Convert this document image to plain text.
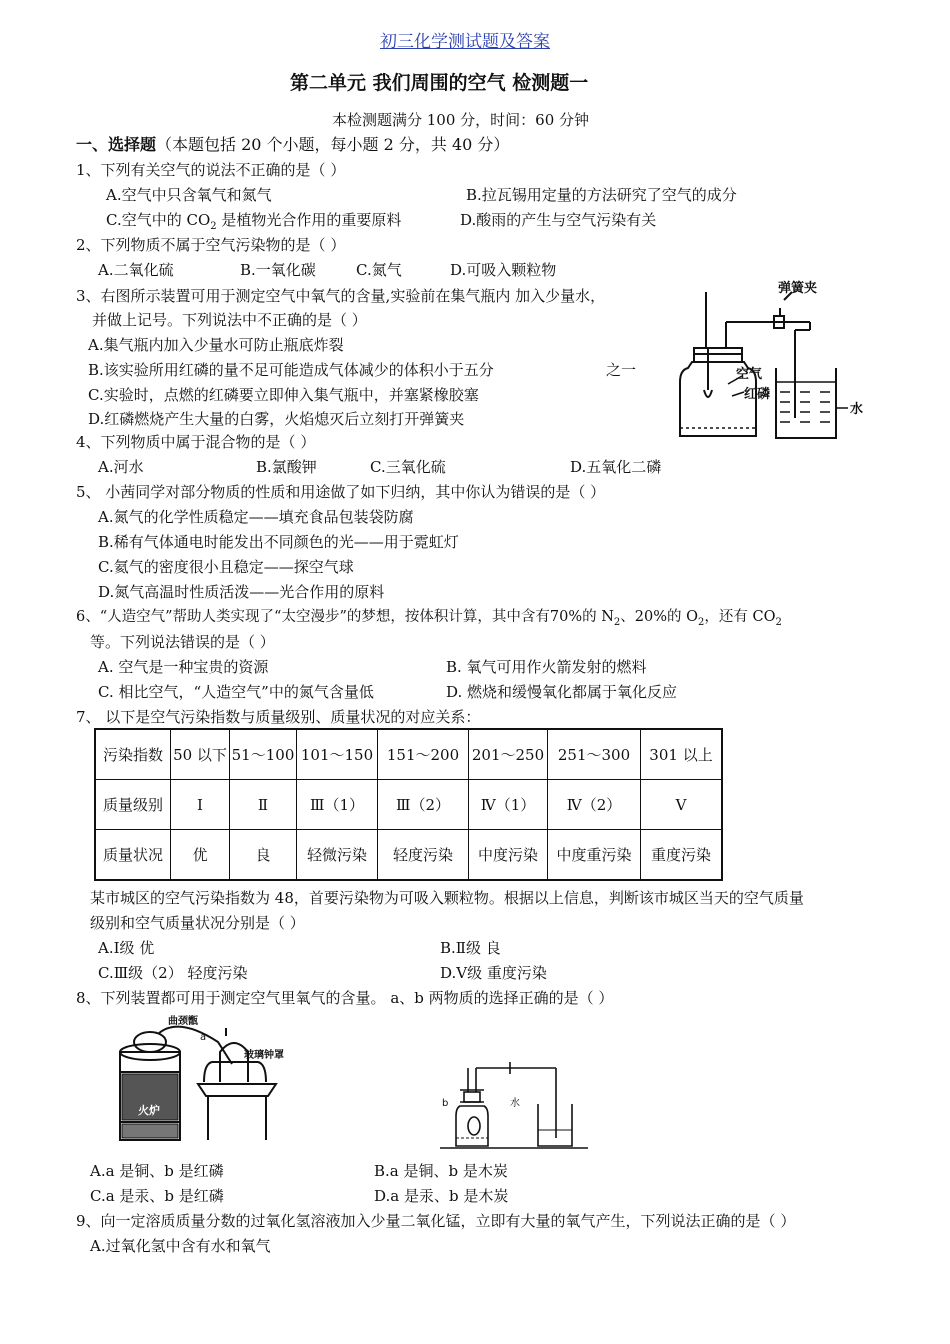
初三化学测试题及答案
第二单元 我们周围的空气 检测题一
本检测题满分 100 分，时间：60 分钟
一、选择题（本题包括 20 个小题，每小题 2 分，共 40 分）
1、下列有关空气的说法不正确的是（ ）
A.空气中只含氧气和氮气	B.拉瓦锡用定量的方法研究了空气的成分
C.空气中的 $CO_2$ 是植物光合作用的重要原料	D.酸雨的产生与空气污染有关
2、下列物质不属于空气污染物的是（ ）
A.二氧化硫	B.一氧化碳	C.氮气	D.可吸入颗粒物
3、右图所示装置可用于测定空气中氧气的含量,实验前在集气瓶内 加入少量水，
并做上记号。下列说法中不正确的是（ ）
A.集气瓶内加入少量水可防止瓶底炸裂
B.该实验所用红磷的量不足可能造成气体减少的体积小于五分	之一
C.实验时，点燃的红磷要立即伸入集气瓶中，并塞紧橡胶塞
D.红磷燃烧产生大量的白雾，火焰熄灭后立刻打开弹簧夹
弹簧夹
空气
红磷
水
4、下列物质中属于混合物的是（ ）
A.河水	B.氯酸钾	C.三氧化硫	D.五氧化二磷
5、 小茜同学对部分物质的性质和用途做了如下归纳，其中你认为错误的是（ ）
A.氮气的化学性质稳定——填充食品包装袋防腐
B.稀有气体通电时能发出不同颜色的光——用于霓虹灯
C.氦气的密度很小且稳定——探空气球
D.氮气高温时性质活泼——光合作用的原料
6、“人造空气”帮助人类实现了“太空漫步”的梦想，按体积计算，其中含有70%的 $N_2$、20%的 $O_2$，还有 $CO_2$
等。下列说法错误的是（ ）
A. 空气是一种宝贵的资源	B. 氧气可用作火箭发射的燃料
C. 相比空气，“人造空气”中的氮气含量低	D. 燃烧和缓慢氧化都属于氧化反应
7、 以下是空气污染指数与质量级别、质量状况的对应关系：
污染指数	50 以下	51～100	101～150	151～200	201～250	251～300	301 以上
质量级别	Ⅰ	Ⅱ	Ⅲ（1）	Ⅲ（2）	Ⅳ（1）	Ⅳ（2）	Ⅴ
质量状况	优	良	轻微污染	轻度污染	中度污染	中度重污染	重度污染
某市城区的空气污染指数为 48，首要污染物为可吸入颗粒物。根据以上信息，判断该市城区当天的空气质量
级别和空气质量状况分别是（ ）
A.Ⅰ级 优	B.Ⅱ级 良
C.Ⅲ级（2） 轻度污染	D.Ⅴ级 重度污染
8、下列装置都可用于测定空气里氧气的含量。 a、b 两物质的选择正确的是（ ）
曲颈甑
a
玻璃钟罩
火炉
b	水
A.a 是铜、b 是红磷	B.a 是铜、b 是木炭
C.a 是汞、b 是红磷	D.a 是汞、b 是木炭
9、向一定溶质质量分数的过氧化氢溶液加入少量二氧化锰，立即有大量的氧气产生，下列说法正确的是（ ）
A.过氧化氢中含有水和氧气
